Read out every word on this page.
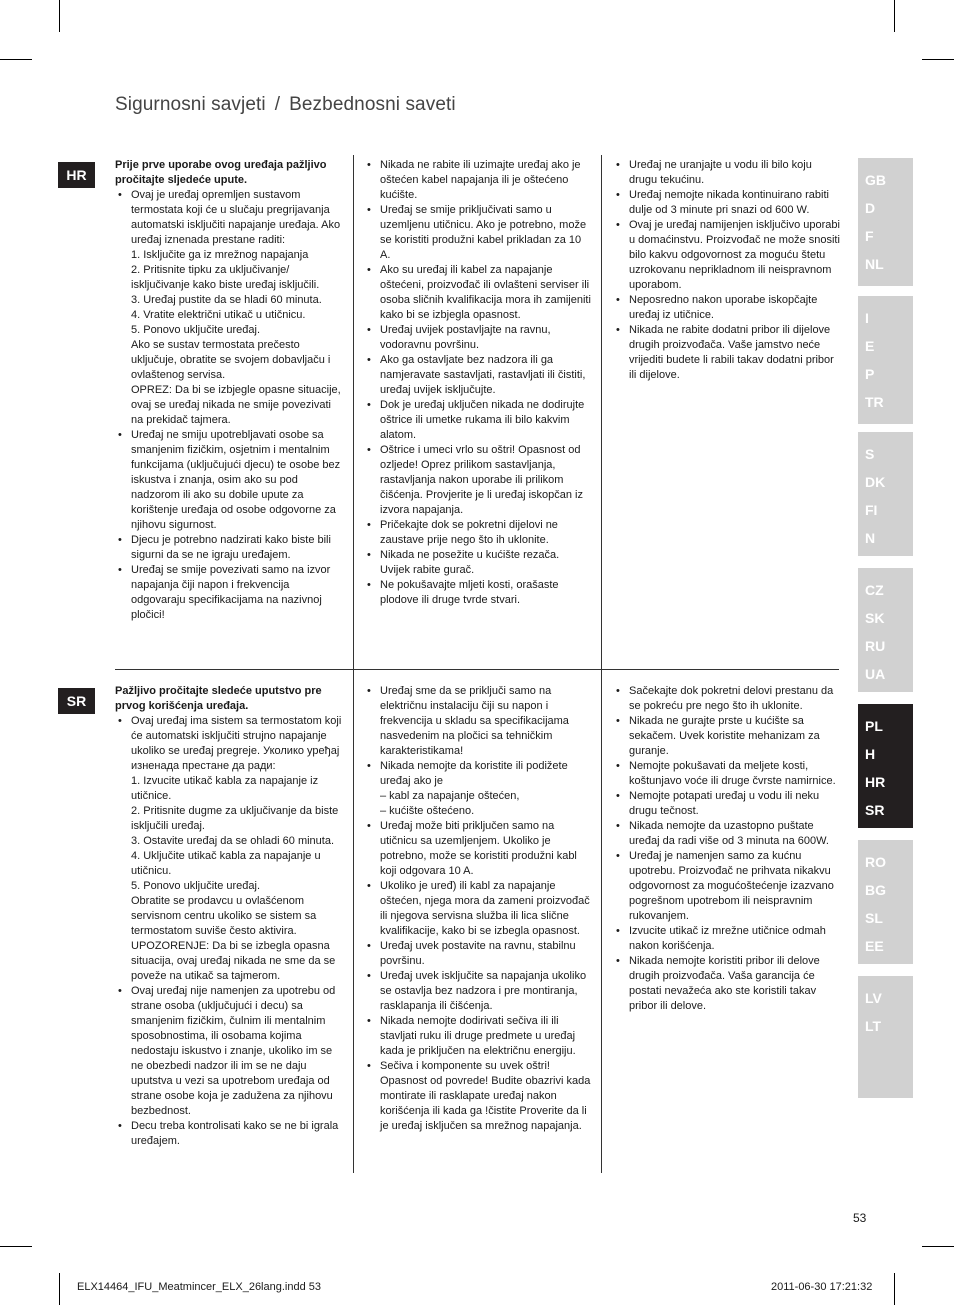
Sigurnosni savjeti / Bezbednosni saveti
HR

Prije prve uporabe ovog uređaja pažljivo pročitajte sljedeće upute.

• Ovaj je uređaj opremljen sustavom termostata koji će u slučaju pregrijavanja automatski isključiti napajanje uređaja. Ako uređaj iznenada prestane raditi:
1. Isključite ga iz mrežnog napajanja
2. Pritisnite tipku za uključivanje/ isključivanje kako biste uređaj isključili.
3. Uređaj pustite da se hladi 60 minuta.
4. Vratite električni utikač u utičnicu.
5. Ponovo uključite uređaj.
Ako se sustav termostata prečesto uključuje, obratite se svojem dobavljaču i ovlaštenog servisa.
OPREZ: Da bi se izbjegle opasne situacije, ovaj se uređaj nikada ne smije povezivati na prekidač tajmera.
• Uređaj ne smiju upotrebljavati osobe sa smanjenim fizičkim, osjetnim i mentalnim funkcijama (uključujući djecu) te osobe bez iskustva i znanja, osim ako su pod nadzorom ili ako su dobile upute za korištenje uređaja od osobe odgovorne za njihovu sigurnost.
• Djecu je potrebno nadzirati kako biste bili sigurni da se ne igraju uređajem.
• Uređaj se smije povezivati samo na izvor napajanja čiji napon i frekvencija odgovaraju specifikacijama na nazivnoj pločici!
• Nikada ne rabite ili uzimajte uređaj ako je oštećen kabel napajanja ili je oštećeno kućište.
• Uređaj se smije priključivati samo u uzemljenu utičnicu. Ako je potrebno, može se koristiti produžni kabel prikladan za 10 A.
• Ako su uređaj ili kabel za napajanje oštećeni, proizvođač ili ovlašteni serviser ili osoba sličnih kvalifikacija mora ih zamijeniti kako bi se izbjegla opasnost.
• Uređaj uvijek postavljajte na ravnu, vodoravnu površinu.
• Ako ga ostavljate bez nadzora ili ga namjeravate sastavljati, rastavljati ili čistiti, uređaj uvijek isključujte.
• Dok je uređaj uključen nikada ne dodirujte oštrice ili umetke rukama ili bilo kakvim alatom.
• Oštrice i umeci vrlo su oštri! Opasnost od ozljede! Oprez prilikom sastavljanja, rastavljanja nakon uporabe ili prilikom čišćenja. Provjerite je li uređaj iskopčan iz izvora napajanja.
• Pričekajte dok se pokretni dijelovi ne zaustave prije nego što ih uklonite.
• Nikada ne posežite u kućište rezača. Uvijek rabite gurač.
• Ne pokušavajte mljeti kosti, orašaste plodove ili druge tvrde stvari.
• Uređaj ne uranjajte u vodu ili bilo koju drugu tekućinu.
• Uređaj nemojte nikada kontinuirano rabiti dulje od 3 minute pri snazi od 600 W.
• Ovaj je uređaj namijenjen isključivo uporabi u domaćinstvu. Proizvođač ne može snositi bilo kakvu odgovornost za moguću štetu uzrokovanu neprikladnom ili neispravnom uporabom.
• Neposredno nakon uporabe iskopčajte uređaj iz utičnice.
• Nikada ne rabite dodatni pribor ili dijelove drugih proizvođača. Vaše jamstvo neće vrijediti budete li rabili takav dodatni pribor ili dijelove.
SR

Pažljivo pročitajte sledeće uputstvo pre prvog korišćenja uređaja.

• Ovaj uređaj ima sistem sa termostatom koji će automatski isključiti strujno napajanje ukoliko se uređaj pregreje. Уколико урeђај изненада престане да ради:
1. Izvucite utikač kabla za napajanje iz utičnice.
2. Pritisnite dugme za uključivanje da biste isključili uređaj.
3. Ostavite uređaj da se ohladi 60 minuta.
4. Uključite utikač kabla za napajanje u utičnicu.
5. Ponovo uključite uređaj.
Obratite se prodavcu u ovlašćenom servisnom centru ukoliko se sistem sa termostatom suviše često aktivira.
UPOZORENJE: Da bi se izbegla opasna situacija, ovaj uređaj nikada ne sme da se poveže na utikač sa tajmerom.
• Ovaj uređaj nije namenjen za upotrebu od strane osoba (uključujući i decu) sa smanjenim fizičkim, čulnim ili mentalnim sposobnostima, ili osobama kojima nedostaju iskustvo i znanje, ukoliko im se ne obezbedi nadzor ili im se ne daju uputstva u vezi sa upotrebom uređaja od strane osobe koja je zadužena za njihovu bezbednost.
• Decu treba kontrolisati kako se ne bi igrala uređajem.
• Uređaj sme da se priključi samo na električnu instalaciju čiji su napon i frekvencija u skladu sa specifikacijama nasvedenim na pločici sa tehničkim karakteristikama!
• Nikada nemojte da koristite ili podižete uređaj ako je
– kabl za napajanje oštećen,
– kućište oštećeno.
• Uređaj može biti priključen samo na utičnicu sa uzemljenjem. Ukoliko je potrebno, može se koristiti produžni kabl koji odgovara 10 A.
• Ukoliko je uređ) ili kabl za napajanje oštećen, njega mora da zameni proizvođač ili njegova servisna služba ili lica slične kvalifikacije, kako bi se izbegla opasnost.
• Uređaj uvek postavite na ravnu, stabilnu površinu.
• Uređaj uvek isključite sa napajanja ukoliko se ostavlja bez nadzora i pre montiranja, rasklapanja ili čišćenja.
• Nikada nemojte dodirivati sečiva ili ili stavljati ruku ili druge predmete u uređaj kada je priključen na električnu energiju.
• Sečiva i komponente su uvek oštri! Opasnost od povrede! Budite obazrivi kada montirate ili rasklapate uređaj nakon korišćenja ili kada ga !čistite Proverite da li je uređaj isključen sa mrežnog napajanja.
• Sačekajte dok pokretni delovi prestanu da se pokreću pre nego što ih uklonite.
• Nikada ne gurajte prste u kućište sa sekačem. Uvek koristite mehanizam za guranje.
• Nemojte pokušavati da meljete kosti, koštunjavo voće ili druge čvrste namirnice.
• Nemojte potapati uređaj u vodu ili neku drugu tečnost.
• Nikada nemojte da uzastopno puštate uređaj da radi više od 3 minuta na 600W.
• Uređaj je namenjen samo za kućnu upotrebu. Proizvođač ne prihvata nikakvu odgovornost za mogućoštećenje izazvano pogrešnom upotrebom ili neispravnim rukovanjem.
• Izvucite utikač iz mrežne utičnice odmah nakon korišćenja.
• Nikada nemojte koristiti pribor ili delove drugih proizvođača. Vaša garancija će postati nevažeća ako ste koristili takav pribor ili delove.
GB
D
F
NL
I
E
P
TR
S
DK
FI
N
CZ
SK
RU
UA
PL
H
HR
SR
RO
BG
SL
EE
LV
LT
53
ELX14464_IFU_Meatmincer_ELX_26lang.indd 53	2011-06-30 17:21:32
